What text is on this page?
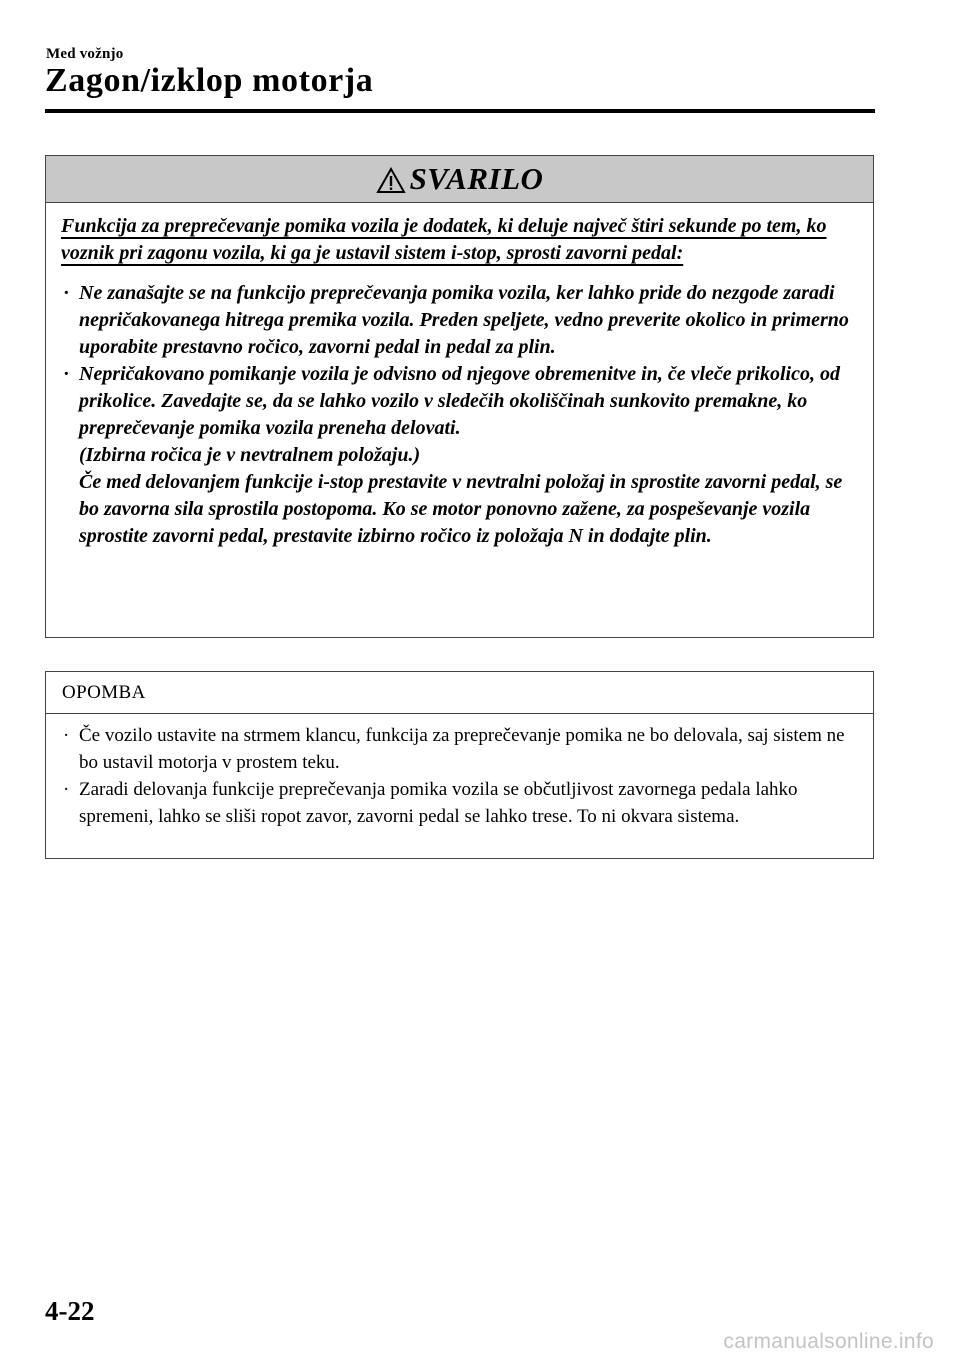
Med vožnjo
Zagon/izklop motorja
SVARILO

Funkcija za preprečevanje pomika vozila je dodatek, ki deluje največ štiri sekunde po tem, ko voznik pri zagonu vozila, ki ga je ustavil sistem i-stop, sprosti zavorni pedal:

· Ne zanašajte se na funkcijo preprečevanja pomika vozila, ker lahko pride do nezgode zaradi nepričakovanega hitrega premika vozila. Preden speljete, vedno preverite okolico in primerno uporabite prestavno ročico, zavorni pedal in pedal za plin.

· Nepričakovano pomikanje vozila je odvisno od njegove obremenitve in, če vleče prikolico, od prikolice. Zavedajte se, da se lahko vozilo v sledečih okoliščinah sunkovito premakne, ko preprečevanje pomika vozila preneha delovati.

(Izbirna ročica je v nevtralnem položaju.)

Če med delovanjem funkcije i-stop prestavite v nevtralni položaj in sprostite zavorni pedal, se bo zavorna sila sprostila postopoma. Ko se motor ponovno zažene, za pospeševanje vozila sprostite zavorni pedal, prestavite izbirno ročico iz položaja N in dodajte plin.

OPOMBA
· Če vozilo ustavite na strmem klancu, funkcija za preprečevanje pomika ne bo delovala, saj sistem ne bo ustavil motorja v prostem teku.

· Zaradi delovanja funkcije preprečevanja pomika vozila se občutljivost zavornega pedala lahko spremeni, lahko se sliši ropot zavor, zavorni pedal se lahko trese. To ni okvara sistema.

4-22
carmanualsonline.info
